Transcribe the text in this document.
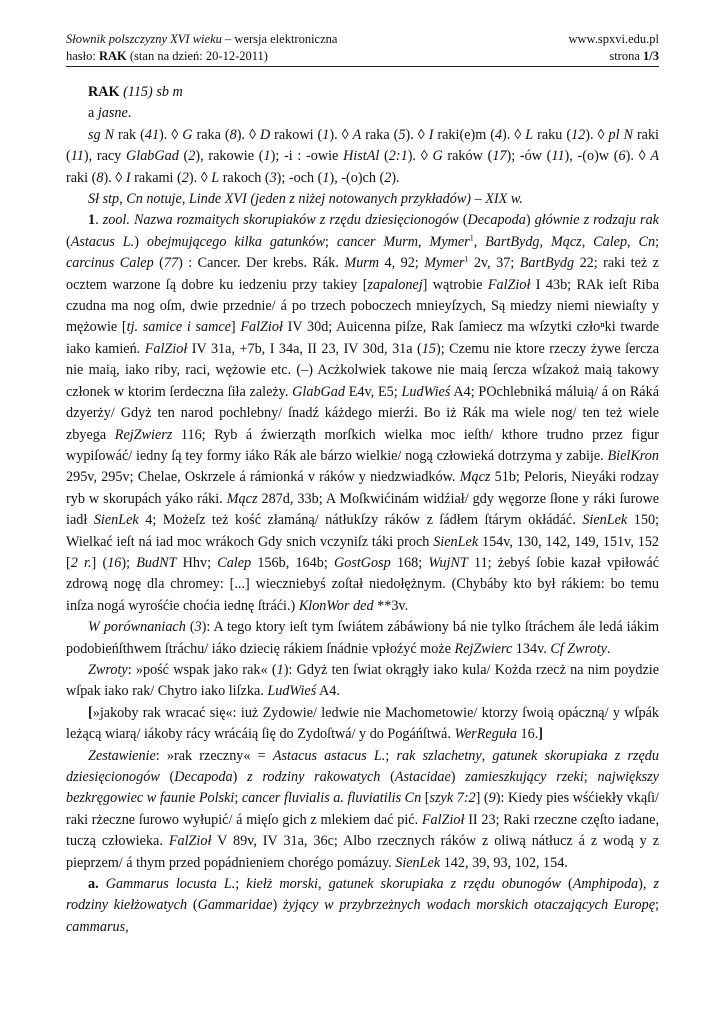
Słownik polszczyzny XVI wieku – wersja elektroniczna	www.spxvi.edu.pl
hasło: RAK (stan na dzień: 20-12-2011)	strona 1/3

RAK (115) sb m

a jasne.

sg N rak (41). ◊ G raka (8). ◊ D rakowi (1). ◊ A raka (5). ◊ I raki(e)m (4). ◊ L raku (12). ◊ pl N raki (11), racy GlabGad (2), rakowie (1); -i : -owie HistAl (2:1). ◊ G raków (17); -ów (11), -(o)w (6). ◊ A raki (8). ◊ I rakami (2). ◊ L rakoch (3); -och (1), -(o)ch (2).

Sł stp, Cn notuje, Linde XVI (jeden z niżej notowanych przykładów) – XIX w.

1. zool. Nazwa rozmaitych skorupiaków z rzędu dziesięcionogów (Decapoda) głównie z rodzaju rak (Astacus L.) obejmującego kilka gatunków; cancer Murm, Mymer$^1$, BartBydg, Mącz, Calep, Cn; carcinus Calep (77) : Cancer. Der krebs. Rák. Murm 4, 92; Mymer$^1$ 2v, 37; BartBydg 22; raki też z ocztem warzone ſą dobre ku iedzeniu przy takiey [zapalonej] wątrobie FalZioł I 43b; RAk ieſt Riba czudna ma nog oſm, dwie przednie/ á po trzech poboczech mnieyſzych, Są miedzy niemi niewiaſty y mężowie [tj. samice i samce] FalZioł IV 30d; Auicenna piſze, Rak ſamiecz ma wſzytki człoⁿki twarde iako kamień. FalZioł IV 31a, +7b, I 34a, II 23, IV 30d, 31a (15); Czemu nie ktore rzeczy żywe ſercza nie maią, iako riby, raci, wężowie etc. (–) Acżkolwiek takowe nie maią ſercza wſzakoż maią takowy członek w ktorim ſerdeczna ſiła zależy. GlabGad E4v, E5; LudWieś A4; POchlebniká máluią/ á on Ráká dzyerży/ Gdyż ten narod pochlebny/ ſnadź káżdego mierźi. Bo iż Rák ma wiele nog/ ten też wiele zbyega RejZwierz 116; Ryb á źwierząth morſkich wielka moc ieſth/ kthore trudno przez figur wypiſowáć/ iedny ſą tey formy iáko Rák ale bárzo wielkie/ nogą człowieká dotrzyma y zabije. BielKron 295v, 295v; Chelae, Oskrzele á rámionká v ráków y niedzwiadków. Mącz 51b; Peloris, Nieyáki rodzay ryb w skorupách yáko ráki. Mącz 287d, 33b; A Moſkwićinám widźiał/ gdy węgorze ſłone y ráki ſurowe iadł SienLek 4; Możeſz też kość złamáną/ nátłukſzy ráków z ſádłem ſtárym okłádáć. SienLek 150; Wielkać ieſt ná iad moc wrákoch Gdy snich vczyniſz táki proch SienLek 154v, 130, 142, 149, 151v, 152 [2 r.] (16); BudNT Hhv; Calep 156b, 164b; GostGosp 168; WujNT 11; żebyś ſobie kazał vpiłowáć zdrową nogę dla chromey: [...] wieczniebyś zoſtał niedołężnym. (Chybáby kto był rákiem: bo temu inſza nogá wyrośćie choćia iednę ſtráći.) KlonWor ded **3v.

W porównaniach (3): A tego ktory ieſt tym ſwiátem zábáwiony bá nie tylko ſtráchem ále ledá iákim podobieńſthwem ſtráchu/ iáko dziecię rákiem ſnádnie vpłoźyć może RejZwierc 134v. Cf Zwroty.

Zwroty: »pość wspak jako rak« (1): Gdyż ten ſwiat okrągły iako kula/ Kożda rzecż na nim poydzie wſpak iako rak/ Chytro iako liſzka. LudWieś A4.

[»jakoby rak wracać się«: iuż Zydowie/ ledwie nie Machometowie/ ktorzy ſwoią opáczną/ y wſpák leżącą wiarą/ iákoby rácy wrácáią ſię do Zydoſtwá/ y do Pogáńſtwá. WerReguła 16.]

Zestawienie: »rak rzeczny« = Astacus astacus L.; rak szlachetny, gatunek skorupiaka z rzędu dziesięcionogów (Decapoda) z rodziny rakowatych (Astacidae) zamieszkujący rzeki; największy bezkręgowiec w faunie Polski; cancer fluvialis a. fluviatilis Cn [szyk 7:2] (9): Kiedy pies wśćiekły vkąſi/ raki rżeczne ſurowo wyłupić/ á mięſo gich z mlekiem dać pić. FalZioł II 23; Raki rzeczne częſto iadane, tuczą człowieka. FalZioł V 89v, IV 31a, 36c; Albo rzecznych ráków z oliwą nátłucz á z wodą y z pieprzem/ á thym przed popádnieniem chorégo pomázuy. SienLek 142, 39, 93, 102, 154.

a. Gammarus locusta L.; kiełż morski, gatunek skorupiaka z rzędu obunogów (Amphipoda), z rodziny kiełżowatych (Gammaridae) żyjący w przybrzeżnych wodach morskich otaczających Europę; cammarus,
